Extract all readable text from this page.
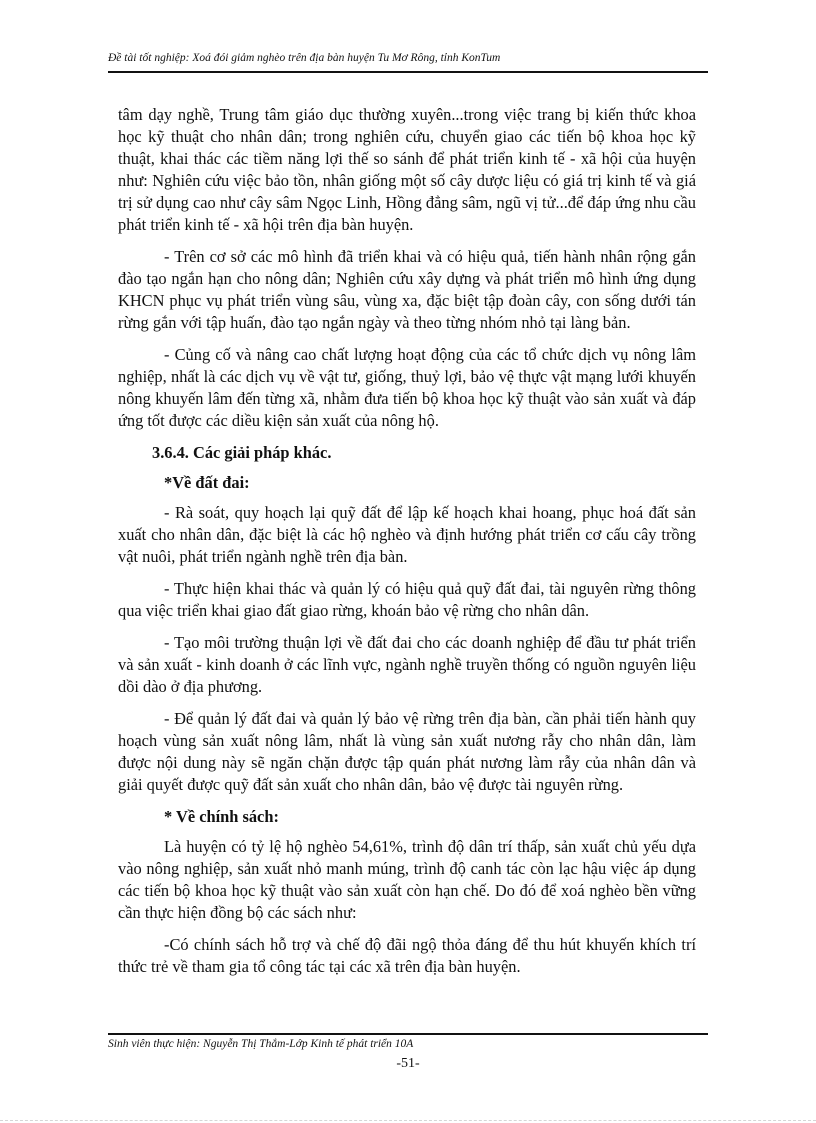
Đề tài tốt nghiệp: Xoá đói giảm nghèo trên địa bàn huyện Tu Mơ Rông, tỉnh KonTum

tâm dạy nghề, Trung tâm giáo dục thường xuyên...trong việc trang bị kiến thức khoa học kỹ thuật cho nhân dân; trong nghiên cứu, chuyển giao các tiến bộ khoa học kỹ thuật, khai thác các tiềm năng lợi thế so sánh để phát triển kinh tế - xã hội của huyện như: Nghiên cứu việc bảo tồn, nhân giống một số cây dược liệu có giá trị kinh tế và giá trị sử dụng cao như cây sâm Ngọc Linh, Hồng đẳng sâm, ngũ vị tử...để đáp ứng nhu cầu phát triển kinh tế - xã hội trên địa bàn huyện.

- Trên cơ sở các mô hình đã triển khai và có hiệu quả, tiến hành nhân rộng gắn đào tạo ngắn hạn cho nông dân; Nghiên cứu xây dựng và phát triển mô hình ứng dụng KHCN phục vụ phát triển vùng sâu, vùng xa, đặc biệt tập đoàn cây, con sống dưới tán rừng gắn với tập huấn, đào tạo ngắn ngày và theo từng nhóm nhỏ tại làng bản.

- Củng cố và nâng cao chất lượng hoạt động của các tổ chức dịch vụ nông lâm nghiệp, nhất là các dịch vụ về vật tư, giống, thuỷ lợi, bảo vệ thực vật mạng lưới khuyến nông khuyến lâm đến từng xã, nhằm đưa tiến bộ khoa học kỹ thuật vào sản xuất và đáp ứng tốt được các diều kiện sản xuất của nông hộ.

3.6.4. Các giải pháp khác.

*Về đất đai:

- Rà soát, quy hoạch lại quỹ đất để lập kế hoạch khai hoang, phục hoá đất sản xuất cho nhân dân, đặc biệt là các hộ nghèo và định hướng phát triển cơ cấu cây trồng vật nuôi, phát triển ngành nghề trên địa bàn.

- Thực hiện khai thác và quản lý có hiệu quả quỹ đất đai, tài nguyên rừng thông qua việc triển khai giao đất giao rừng, khoán bảo vệ rừng cho nhân dân.

- Tạo môi trường thuận lợi về đất đai cho các doanh nghiệp để đầu tư phát triển và sản xuất - kinh doanh ở các lĩnh vực, ngành nghề truyền thống có nguồn nguyên liệu dồi dào ở địa phương.

- Để quản lý đất đai và quản lý bảo vệ rừng trên địa bàn, cần phải tiến hành quy hoạch vùng sản xuất nông lâm, nhất là vùng sản xuất nương rẫy cho nhân dân, làm được nội dung này sẽ ngăn chặn được tập quán phát nương làm rẫy của nhân dân và giải quyết được quỹ đất sản xuất cho nhân dân, bảo vệ được tài nguyên rừng.

* Về chính sách:

Là huyện có tỷ lệ hộ nghèo 54,61%, trình độ dân trí thấp, sản xuất chủ yếu dựa vào nông nghiệp, sản xuất nhỏ manh múng, trình độ canh tác còn lạc hậu việc áp dụng các tiến bộ khoa học kỹ thuật vào sản xuất còn hạn chế. Do đó để xoá nghèo bền vững cần thực hiện đồng bộ các sách như:

-Có chính sách hỗ trợ và chế độ đãi ngộ thỏa đáng để thu hút khuyến khích trí thức trẻ về tham gia tổ công tác tại các xã trên địa bàn huyện.

Sinh viên thực hiện: Nguyễn Thị Thắm-Lớp Kinh tế phát triển 10A
-51-
